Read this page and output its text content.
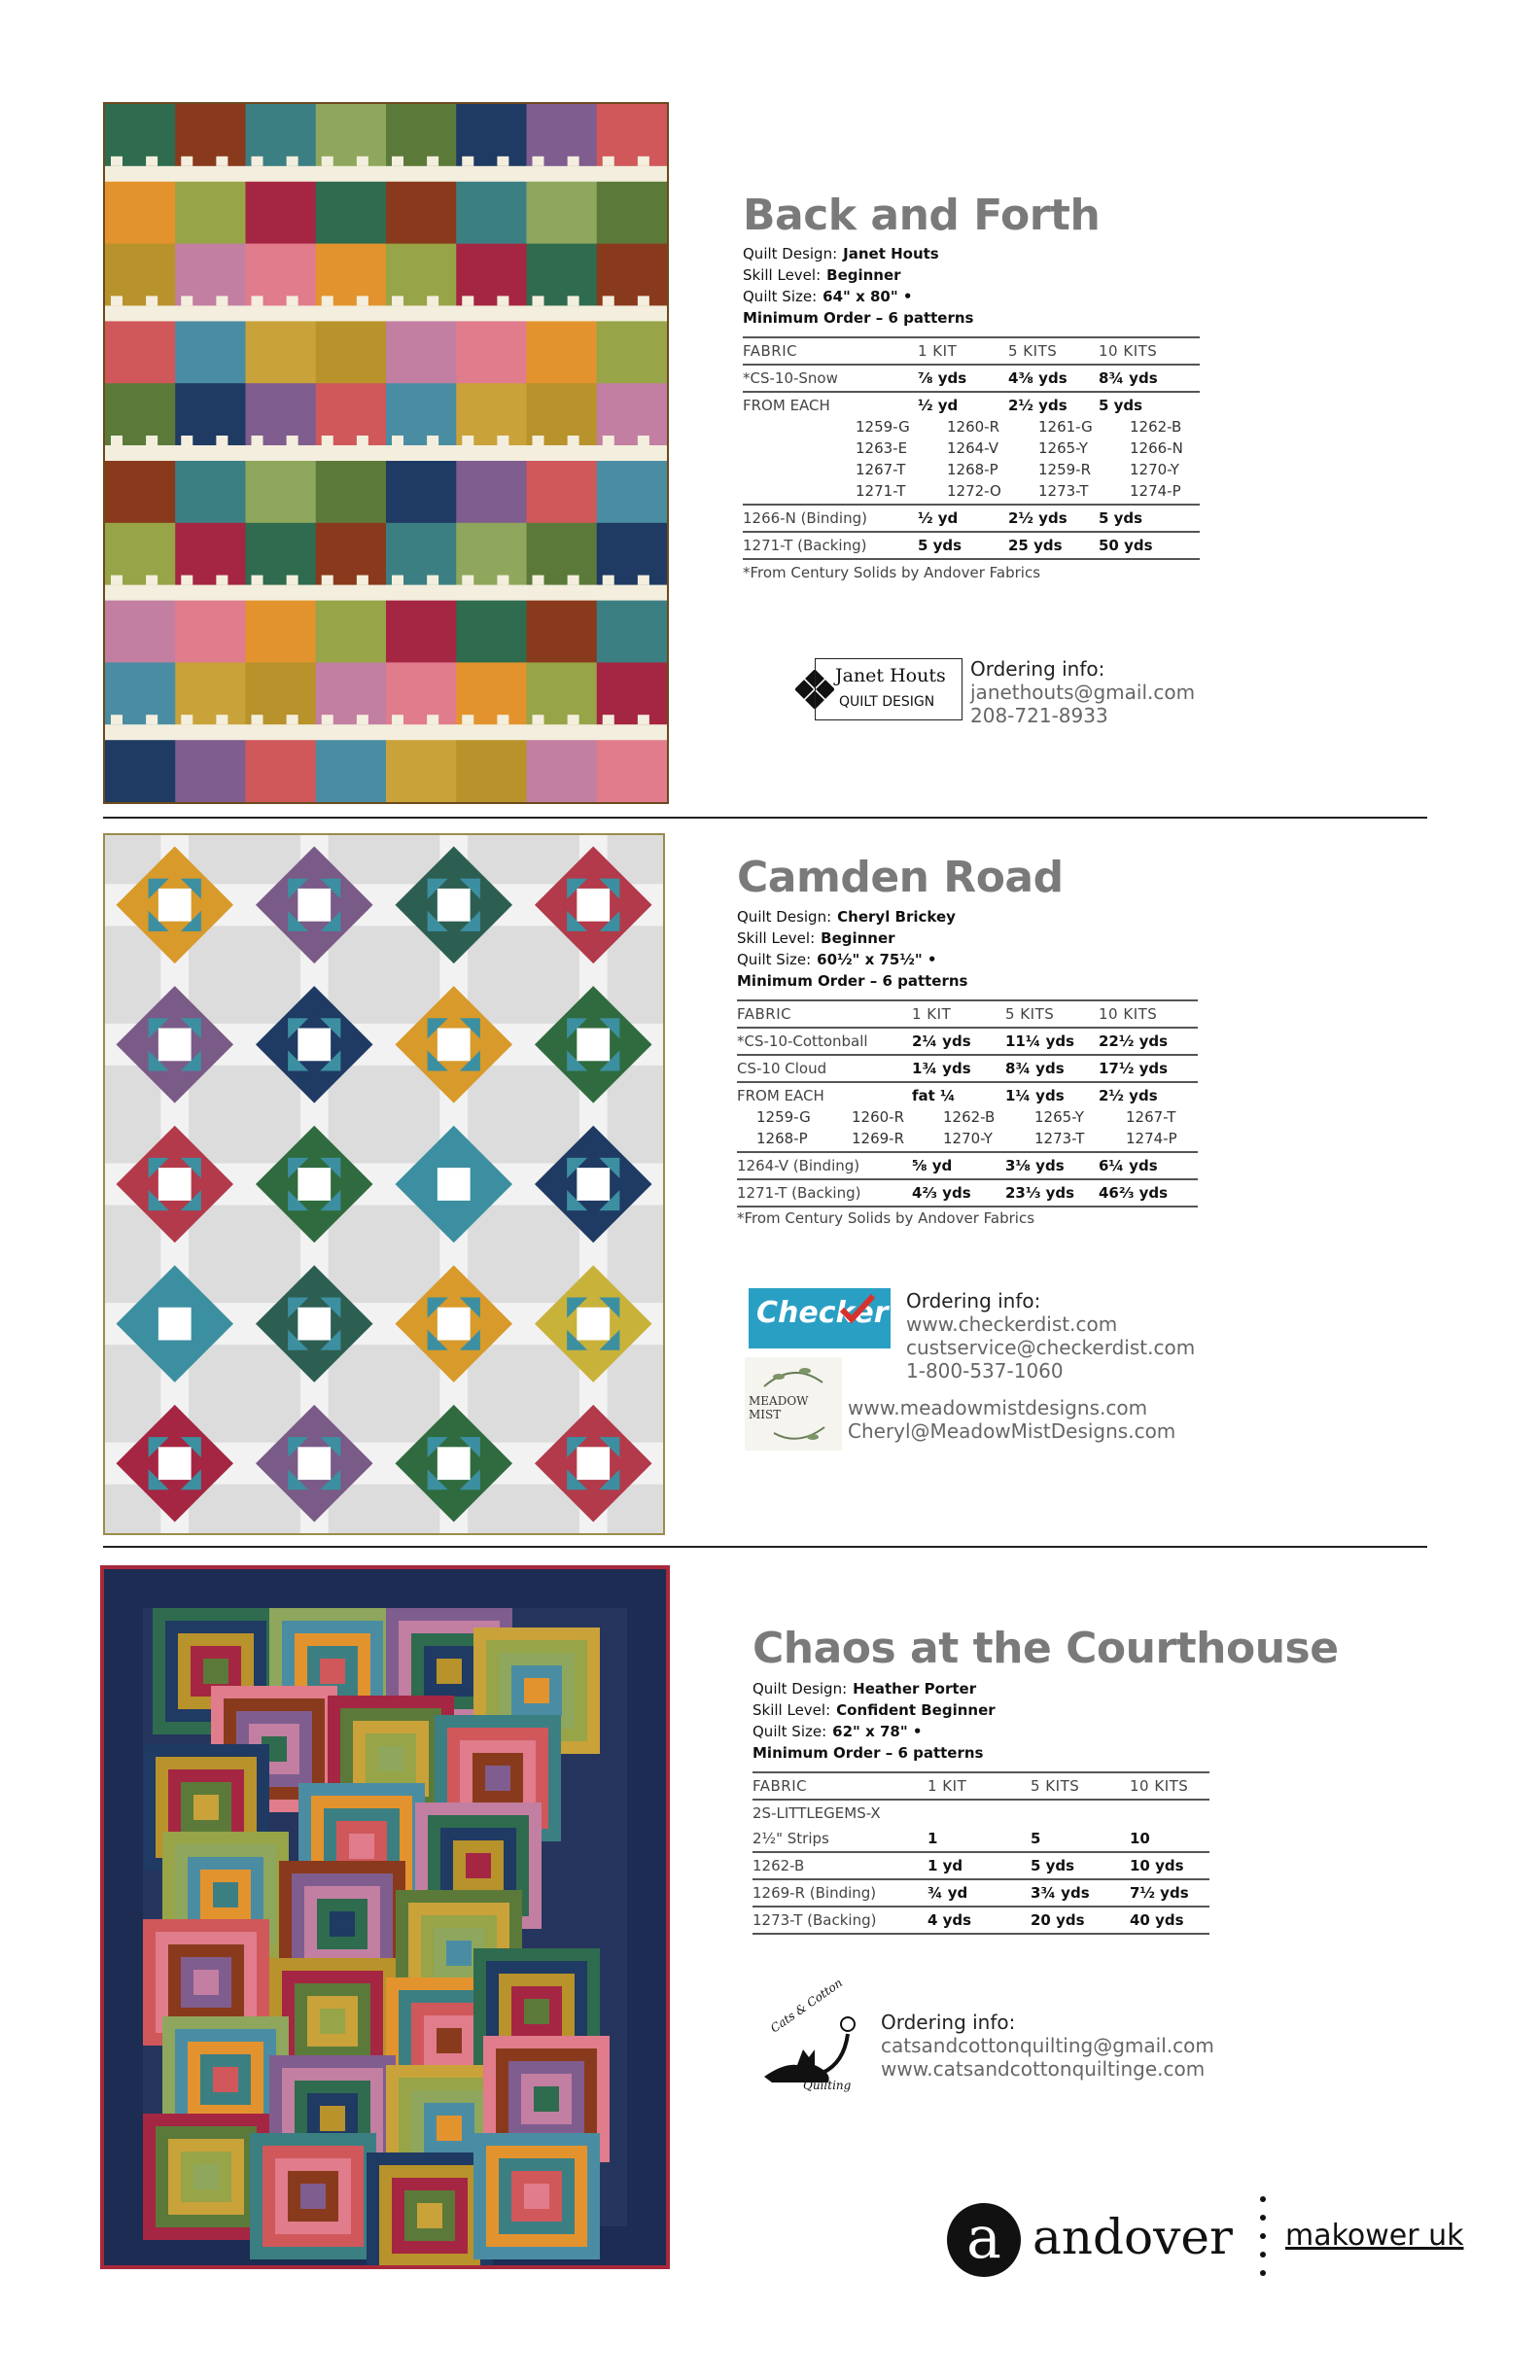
Back and Forth
Quilt Design: Janet Houts
Skill Level: Beginner
Quilt Size: 64" x 80" •
Minimum Order – 6 patterns
FABRIC	1 KIT	5 KITS	10 KITS
*CS-10-Snow	⅞ yds	4⅜ yds	8¾ yds
FROM EACH	½ yd	2½ yds	5 yds
1259-G	1260-R	1261-G	1262-B
1263-E	1264-V	1265-Y	1266-N
1267-T	1268-P	1259-R	1270-Y
1271-T	1272-O	1273-T	1274-P
1266-N (Binding)	½ yd	2½ yds	5 yds
1271-T (Backing)	5 yds	25 yds	50 yds
*From Century Solids by Andover Fabrics
Janet Houts
QUILT DESIGN
Ordering info:
janethouts@gmail.com
208-721-8933
Camden Road
Quilt Design: Cheryl Brickey
Skill Level: Beginner
Quilt Size: 60½" x 75½" •
Minimum Order – 6 patterns
FABRIC	1 KIT	5 KITS	10 KITS
*CS-10-Cottonball	2¼ yds	11¼ yds	22½ yds
CS-10 Cloud	1¾ yds	8¾ yds	17½ yds
FROM EACH	fat ¼	1¼ yds	2½ yds
1259-G	1260-R	1262-B	1265-Y	1267-T
1268-P	1269-R	1270-Y	1273-T	1274-P
1264-V (Binding)	⅝ yd	3⅛ yds	6¼ yds
1271-T (Backing)	4⅔ yds	23⅓ yds	46⅔ yds
*From Century Solids by Andover Fabrics
Checker Ordering info:
www.checkerdist.com
custservice@checkerdist.com
1-800-537-1060
MEADOW MIST	www.meadowmistdesigns.com
Cheryl@MeadowMistDesigns.com
Chaos at the Courthouse
Quilt Design: Heather Porter
Skill Level: Confident Beginner
Quilt Size: 62" x 78" •
Minimum Order – 6 patterns
FABRIC	1 KIT	5 KITS	10 KITS
2S-LITTLEGEMS-X			
2½" Strips	1	5	10
1262-B	1 yd	5 yds	10 yds
1269-R (Binding)	¾ yd	3¾ yds	7½ yds
1273-T (Backing)	4 yds	20 yds	40 yds
Cats & Cotton
Quilting
Ordering info:
catsandcottonquilting@gmail.com
www.catsandcottonquiltinge.com
a andover makower uk
